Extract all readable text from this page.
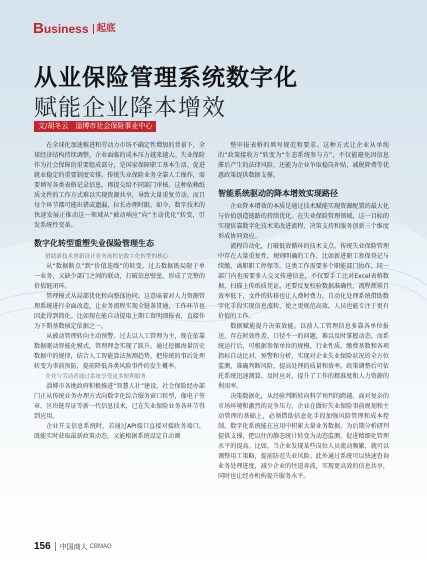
B usiness 起底
从业保险管理系统数字化
赋能企业降本增效
文/胡冬云　淄博市社会保险事业中心

在全球化加速推进和劳动力市场不确定性增加的背景下，全球经济结构持续调整，企业面临的成本压力越来越大。失业保险作为社会保障的重要组成部分，是国家保障职工基本生活、促进就业稳定的重要制度安排。传统失业保险业务全靠人工操作，需要填写各类表格记录信息，再提交给不同部门审核。这种依赖纸质文件的工作方式难以实现资源共享，导致大量重复劳动。而且每个环节都可能出错或遗漏，拉长办理时限。如今，数字技术的快速发展正推动这一领域从“被动响应”向“主动优化”转变，引发系统性变革。

数字化转型重塑失业保险管理生态

借助新技术重新设计业务流程是数字化转型的核心

从“数据断点”到“价值连线”的转变。过去数据既局限于单一业务，又缺少部门之间的联动，打破信息壁垒，形成了完整的价值链闭环。

管理模式从局部优化转向整体协同。这意味着对人力资源管理系统进行全面改造，让业务流程实现全链条贯通，工作环节也因此得到简化。比如现在能自动提取上期工资明细报表，直接作为下期基数核定依据之一。

从被动管理转向主动预警。过去以人工管理为主，现在依靠数据驱动智能化模式，管理理念实现了跃升。通过挖掘海量历史数据中的规律，结合人工智能算法预测趋势，把传统的事后处理转变为事前预防，提前降低各类风险事件的发生概率。

企业与劳动者通过系统享受更多便利服务

淄博市各地政府积极推进“智慧人社”建设，社会保险经办部门正从传统业务办理方式向数字化综合服务窗口转型，像电子签章、区块链存证等新一代信息技术，已在失业保险业务各环节得到应用。

企业开支信息系统时，若通过API接口直接对接政务端口，既能实时获取最新政策动态，又能根据系统设定自动调

整申报表格的填写规范和要求。这种方式让企业从单纯的“政策接收方”转变为“生态系统参与方”，不仅能避免因信息滞后产生的法律风险，还能为企业争取稳岗补贴、减税降费等优惠政策提供数据支撑。

智能系统驱动的降本增效实现路径

企业降本增效的本质是通过技术赋能实现资源配置的最大化与价值创造链路的持续优化。在失业保险管理领域，这一目标的实现依靠数字化技术来改进流程、决策支持和服务创新三个维度形成协同效应。

流程自动化，打破低效循环的技术支点。传统失业保险管理中存在大量重复性、规则明确的工作，比如新进职工参保登记与续缴、离职职工停保等。这类工作需要多个职能部门协作，同一部门内也需要多人交叉传递信息，不仅要手工比对Excel表格数据，扫描上传纸质凭证，还要反复校验数据准确性，流程烦琐且效率低下，文件的转移也让人费时费力。自动化处理系统借助数字化手段实现信息流转，使之更规范高效，人员也能专注于更有价值的工作。

数据赋能提升决策效能。以前人工管理信息多靠各单位报送，存在时效性差、口径不一的问题，难以及时掌握动态。而系统运行后，可根据参保单位的规模、行业性质、缴费基数和各项指标自动比对、预警和分析，实现对企业失业保险状况的全方位监测，准确判断风险，提高处理的质量和效率。政策调整后可依托系统迅速测算、及时应对，提升了工作的精准度和人力资源的利用率。

决策数据化，从经验判断转向科学预判的跨越。面对复杂的市场环境和激烈的竞争压力，企业在做好失业保险事前规划和主动管理的基础上，必须借助信息化手段加强风险管理和成本控制。数字化系统能在应用中积累大量业务数据，为后期分析研判提供支撑，把以往的静态统计转变为动态监测，促进精细化管理水平的提高。比如，当企业发现某些岗位人员流动频繁，就可以调整用工策略，提前防范失业风险。此外通过系统可以快速查询业务处理进度，减少企业的往返奔波，实现更高效的信息共享，同时也让经办机构提升服务水平。

156 中国商人 CBMAG
